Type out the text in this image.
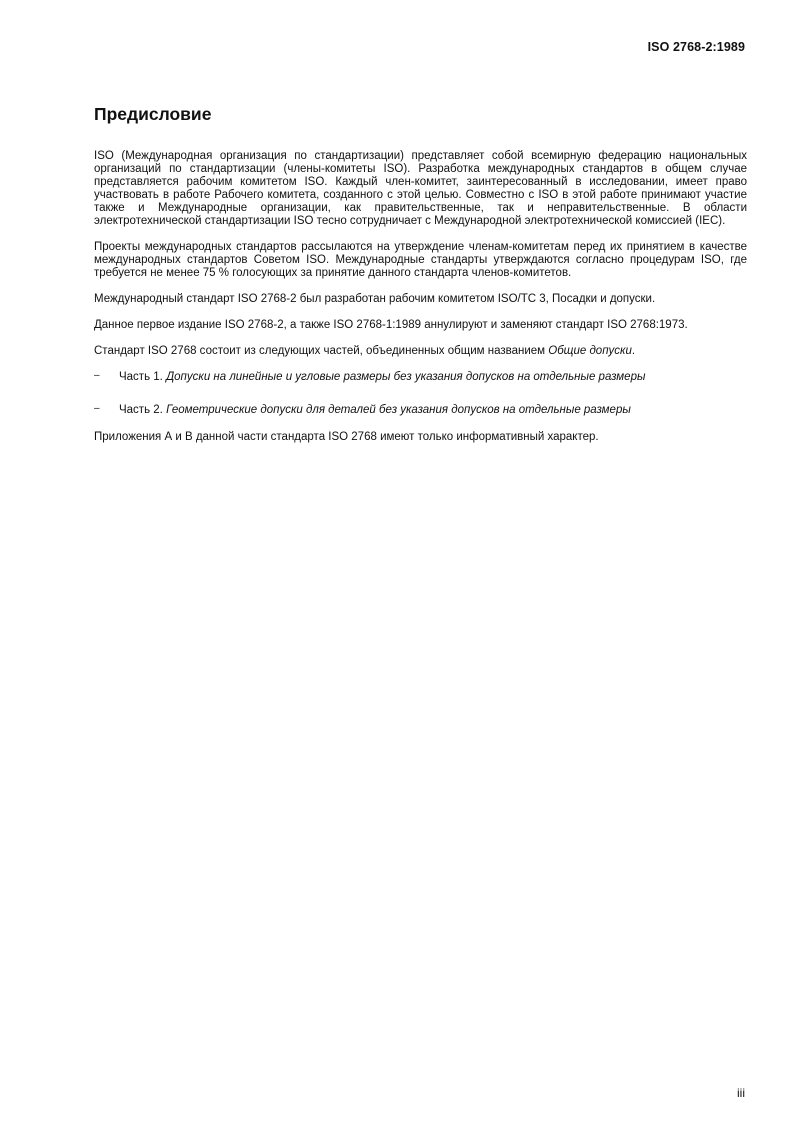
ISO 2768-2:1989
Предисловие

ISO (Международная организация по стандартизации) представляет собой всемирную федерацию национальных организаций по стандартизации (члены-комитеты ISO). Разработка международных стандартов в общем случае представляется рабочим комитетом ISO. Каждый член-комитет, заинтересованный в исследовании, имеет право участвовать в работе Рабочего комитета, созданного с этой целью. Совместно с ISO в этой работе принимают участие также и Международные организации, как правительственные, так и неправительственные. В области электротехнической стандартизации ISO тесно сотрудничает с Международной электротехнической комиссией (IEC).

Проекты международных стандартов рассылаются на утверждение членам-комитетам перед их принятием в качестве международных стандартов Советом ISO. Международные стандарты утверждаются согласно процедурам ISO, где требуется не менее 75 % голосующих за принятие данного стандарта членов-комитетов.

Международный стандарт ISO 2768-2 был разработан рабочим комитетом ISO/TC 3, Посадки и допуски.

Данное первое издание ISO 2768-2, а также ISO 2768-1:1989 аннулируют и заменяют стандарт ISO 2768:1973.

Стандарт ISO 2768 состоит из следующих частей, объединенных общим названием Общие допуски.

– Часть 1. Допуски на линейные и угловые размеры без указания допусков на отдельные размеры
– Часть 2. Геометрические допуски для деталей без указания допусков на отдельные размеры

Приложения А и В данной части стандарта ISO 2768 имеют только информативный характер.

iii
